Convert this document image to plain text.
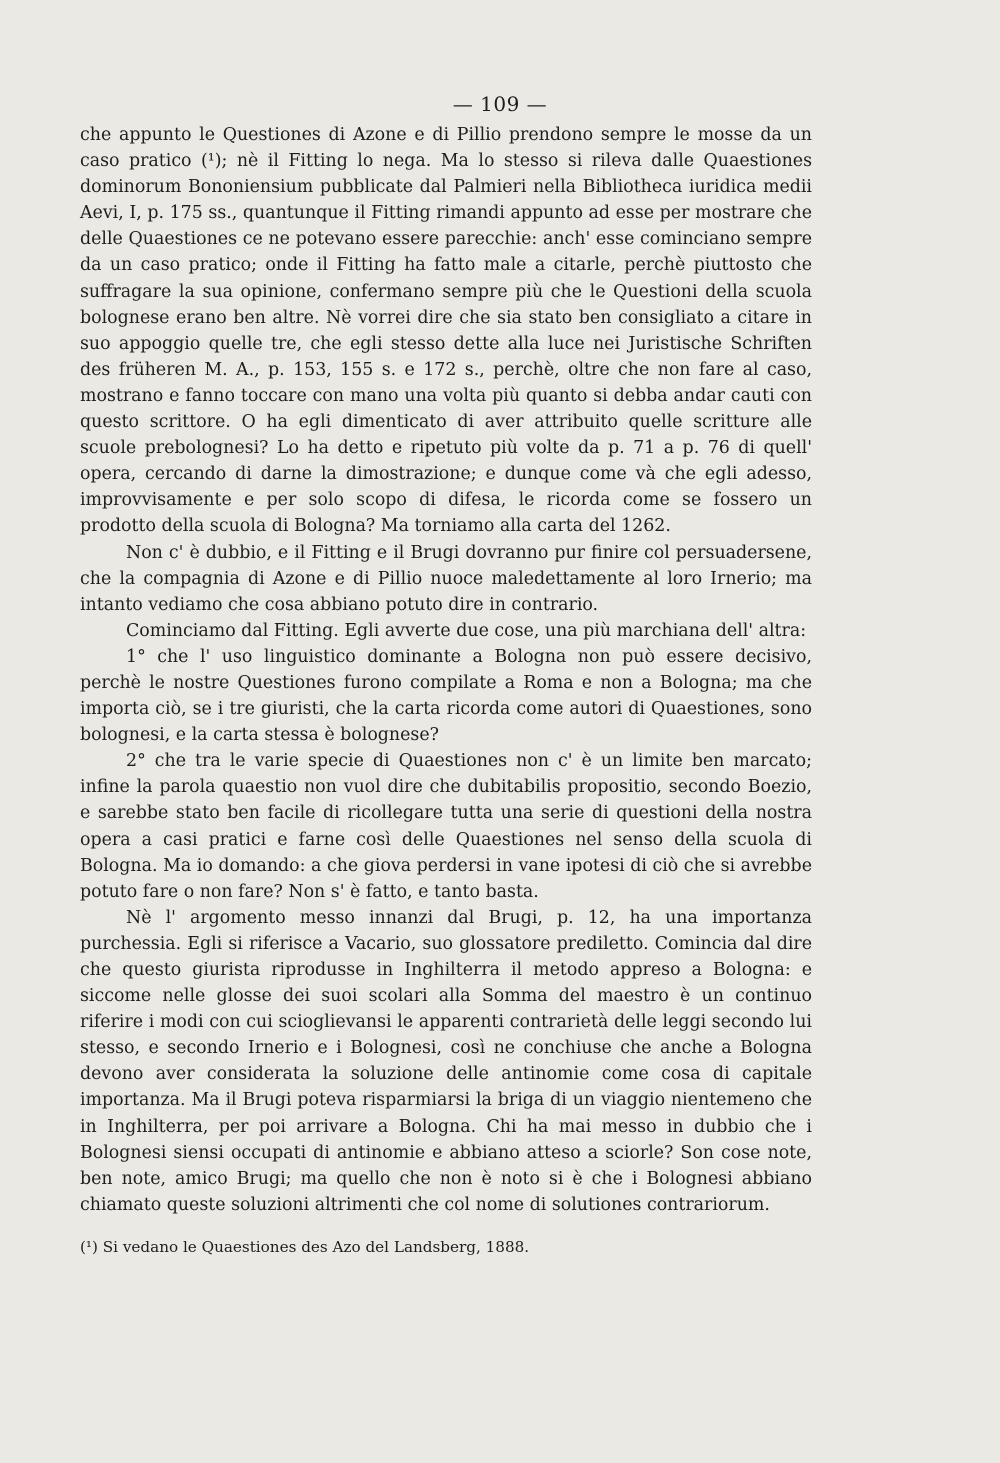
— 109 —

che appunto le Questiones di Azone e di Pillio prendono sempre le mosse da un caso pratico (¹); nè il Fitting lo nega. Ma lo stesso si rileva dalle Quaestiones dominorum Bononiensium pubblicate dal Palmieri nella Bibliotheca iuridica medii Aevi, I, p. 175 ss., quantunque il Fitting rimandi appunto ad esse per mostrare che delle Quaestiones ce ne potevano essere parecchie: anch' esse cominciano sempre da un caso pratico; onde il Fitting ha fatto male a citarle, perchè piuttosto che suffragare la sua opinione, confermano sempre più che le Questioni della scuola bolognese erano ben altre. Nè vorrei dire che sia stato ben consigliato a citare in suo appoggio quelle tre, che egli stesso dette alla luce nei Juristische Schriften des früheren M. A., p. 153, 155 s. e 172 s., perchè, oltre che non fare al caso, mostrano e fanno toccare con mano una volta più quanto si debba andar cauti con questo scrittore. O ha egli dimenticato di aver attribuito quelle scritture alle scuole prebolognesi? Lo ha detto e ripetuto più volte da p. 71 a p. 76 di quell' opera, cercando di darne la dimostrazione; e dunque come và che egli adesso, improvvisamente e per solo scopo di difesa, le ricorda come se fossero un prodotto della scuola di Bologna? Ma torniamo alla carta del 1262.

Non c' è dubbio, e il Fitting e il Brugi dovranno pur finire col persuadersene, che la compagnia di Azone e di Pillio nuoce maledettamente al loro Irnerio; ma intanto vediamo che cosa abbiano potuto dire in contrario.

Cominciamo dal Fitting. Egli avverte due cose, una più marchiana dell' altra:

1° che l' uso linguistico dominante a Bologna non può essere decisivo, perchè le nostre Questiones furono compilate a Roma e non a Bologna; ma che importa ciò, se i tre giuristi, che la carta ricorda come autori di Quaestiones, sono bolognesi, e la carta stessa è bolognese?

2° che tra le varie specie di Quaestiones non c' è un limite ben marcato; infine la parola quaestio non vuol dire che dubitabilis propositio, secondo Boezio, e sarebbe stato ben facile di ricollegare tutta una serie di questioni della nostra opera a casi pratici e farne così delle Quaestiones nel senso della scuola di Bologna. Ma io domando: a che giova perdersi in vane ipotesi di ciò che si avrebbe potuto fare o non fare? Non s' è fatto, e tanto basta.

Nè l' argomento messo innanzi dal Brugi, p. 12, ha una importanza purchessia. Egli si riferisce a Vacario, suo glossatore prediletto. Comincia dal dire che questo giurista riprodusse in Inghilterra il metodo appreso a Bologna: e siccome nelle glosse dei suoi scolari alla Somma del maestro è un continuo riferire i modi con cui scioglievansi le apparenti contrarietà delle leggi secondo lui stesso, e secondo Irnerio e i Bolognesi, così ne conchiuse che anche a Bologna devono aver considerata la soluzione delle antinomie come cosa di capitale importanza. Ma il Brugi poteva risparmiarsi la briga di un viaggio nientemeno che in Inghilterra, per poi arrivare a Bologna. Chi ha mai messo in dubbio che i Bolognesi siensi occupati di antinomie e abbiano atteso a sciorle? Son cose note, ben note, amico Brugi; ma quello che non è noto si è che i Bolognesi abbiano chiamato queste soluzioni altrimenti che col nome di solutiones contrariorum.

(¹) Si vedano le Quaestiones des Azo del Landsberg, 1888.
